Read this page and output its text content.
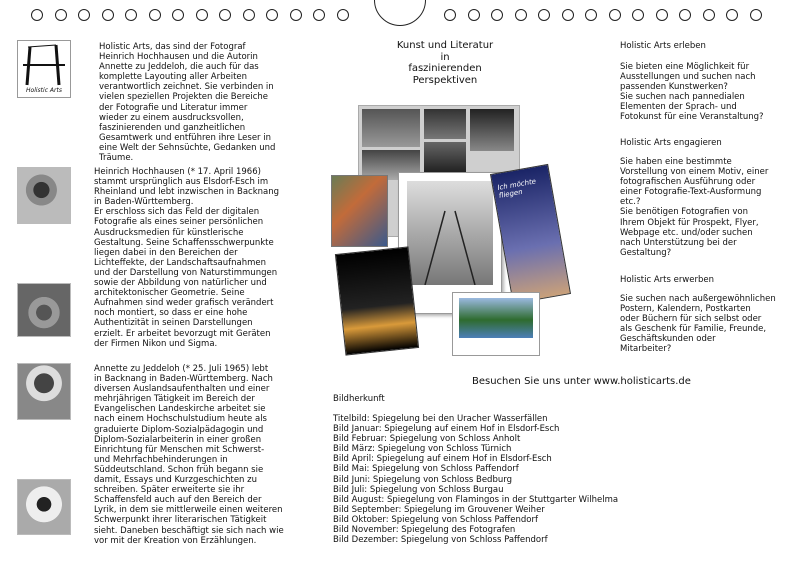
Holistic Arts
Holistic Arts, das sind der Fotograf
Heinrich Hochhausen und die Autorin
Annette zu Jeddeloh, die auch für das
komplette Layouting aller Arbeiten
verantwortlich zeichnet. Sie verbinden in
vielen speziellen Projekten die Bereiche
der Fotografie und Literatur immer
wieder zu einem ausdrucksvollen,
faszinierenden und ganzheitlichen
Gesamtwerk und entführen ihre Leser in
eine Welt der Sehnsüchte, Gedanken und
Träume.
Heinrich Hochhausen (* 17. April 1966)
stammt ursprünglich aus Elsdorf-Esch im
Rheinland und lebt inzwischen in Backnang
in Baden-Württemberg.
Er erschloss sich das Feld der digitalen
Fotografie als eines seiner persönlichen
Ausdrucksmedien für künstlerische
Gestaltung. Seine Schaffensschwerpunkte
liegen dabei in den Bereichen der
Lichteffekte, der Landschaftsaufnahmen
und der Darstellung von Naturstimmungen
sowie der Abbildung von natürlicher und
architektonischer Geometrie. Seine
Aufnahmen sind weder grafisch verändert
noch montiert, so dass er eine hohe
Authentizität in seinen Darstellungen
erzielt. Er arbeitet bevorzugt mit Geräten
der Firmen Nikon und Sigma.
Annette zu Jeddeloh (* 25. Juli 1965) lebt
in Backnang in Baden-Württemberg. Nach
diversen Auslandsaufenthalten und einer
mehrjährigen Tätigkeit im Bereich der
Evangelischen Landeskirche arbeitet sie
nach einem Hochschulstudium heute als
graduierte Diplom-Sozialpädagogin und
Diplom-Sozialarbeiterin in einer großen
Einrichtung für Menschen mit Schwerst-
und Mehrfachbehinderungen in
Süddeutschland. Schon früh begann sie
damit, Essays und Kurzgeschichten zu
schreiben. Später erweiterte sie ihr
Schaffensfeld auch auf den Bereich der
Lyrik, in dem sie mittlerweile einen weiteren
Schwerpunkt ihrer literarischen Tätigkeit
sieht. Daneben beschäftigt sie sich nach wie
vor mit der Kreation von Erzählungen.
Kunst und Literatur
in
faszinierenden
Perspektiven
Ich möchte fliegen
Besuchen Sie uns unter www.holisticarts.de
Bildherkunft
Titelbild: Spiegelung bei den Uracher Wasserfällen
Bild Januar: Spiegelung auf einem Hof in Elsdorf-Esch
Bild Februar: Spiegelung von Schloss Anholt
Bild März: Spiegelung von Schloss Türnich
Bild April: Spiegelung auf einem Hof in Elsdorf-Esch
Bild Mai: Spiegelung von Schloss Paffendorf
Bild Juni: Spiegelung von Schloss Bedburg
Bild Juli: Spiegelung von Schloss Burgau
Bild August: Spiegelung von Flamingos in der Stuttgarter Wilhelma
Bild September: Spiegelung im Grouvener Weiher
Bild Oktober: Spiegelung von Schloss Paffendorf
Bild November: Spiegelung des Fotografen
Bild Dezember: Spiegelung von Schloss Paffendorf
Holistic Arts erleben
Sie bieten eine Möglichkeit für
Ausstellungen und suchen nach
passenden Kunstwerken?
Sie suchen nach pannedialen
Elementen der Sprach- und
Fotokunst für eine Veranstaltung?
Holistic Arts engagieren
Sie haben eine bestimmte
Vorstellung von einem Motiv, einer
fotografischen Ausführung oder
einer Fotografie-Text-Ausformung
etc.?
Sie benötigen Fotografien von
Ihrem Objekt für Prospekt, Flyer,
Webpage etc. und/oder suchen
nach Unterstützung bei der
Gestaltung?
Holistic Arts erwerben
Sie suchen nach außergewöhnlichen
Postern, Kalendern, Postkarten
oder Büchern für sich selbst oder
als Geschenk für Familie, Freunde,
Geschäftskunden oder
Mitarbeiter?
